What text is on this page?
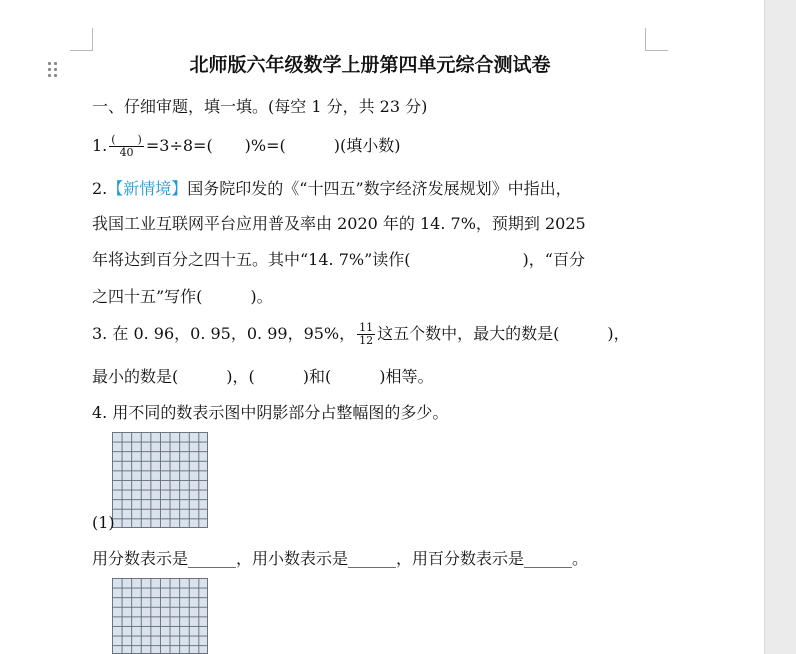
北师版六年级数学上册第四单元综合测试卷
一、仔细审题，填一填。(每空 1 分，共 23 分)
1. $\frac{( )}{40} =3\div 8=$(　　)%=(　　　)(填小数)
2.【新情境】国务院印发的《“十四五”数字经济发展规划》中指出，
我国工业互联网平台应用普及率由 2020 年的 14. 7%，预期到 2025
年将达到百分之四十五。其中“14. 7%”读作(　　　　　　　)，“百分
之四十五”写作(　　　)。
3. 在 0. 96，0. 95，0. 99，95%， $\frac{11}{12}$ 这五个数中，最大的数是(　　　)，
最小的数是(　　　)，(　　　)和(　　　)相等。
4. 用不同的数表示图中阴影部分占整幅图的多少。
(1)
用分数表示是______，用小数表示是______，用百分数表示是______。
